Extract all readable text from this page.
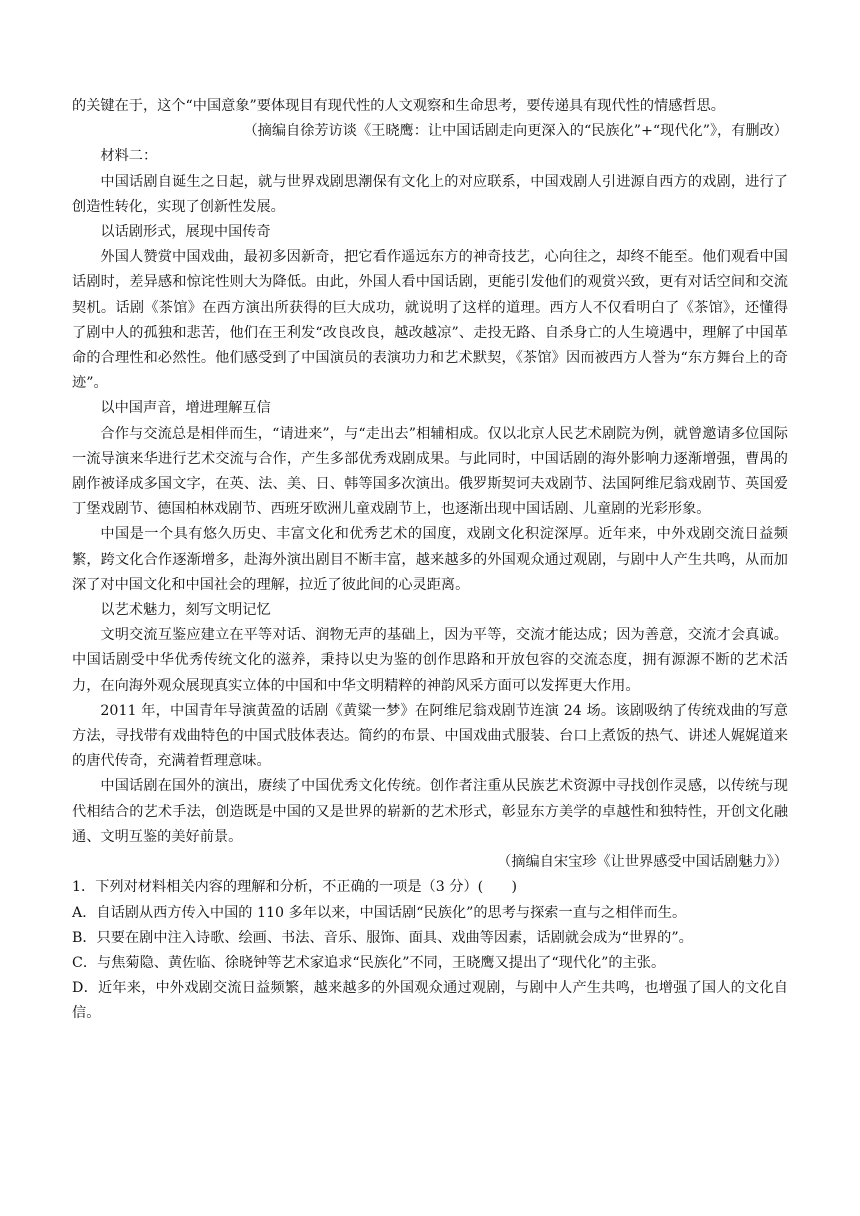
的关键在于，这个“中国意象”要体现目有现代性的人文观察和生命思考，要传递具有现代性的情感哲思。

（摘编自徐芳访谈《王晓鹰：让中国话剧走向更深入的“民族化”+“现代化”》，有删改）

材料二：

中国话剧自诞生之日起，就与世界戏剧思潮保有文化上的对应联系，中国戏剧人引进源自西方的戏剧，进行了创造性转化，实现了创新性发展。

以话剧形式，展现中国传奇

外国人赞赏中国戏曲，最初多因新奇，把它看作遥远东方的神奇技艺，心向往之，却终不能至。他们观看中国话剧时，差异感和惊诧性则大为降低。由此，外国人看中国话剧，更能引发他们的观赏兴致，更有对话空间和交流契机。话剧《茶馆》在西方演出所获得的巨大成功，就说明了这样的道理。西方人不仅看明白了《茶馆》，还懂得了剧中人的孤独和悲苦，他们在王利发“改良改良，越改越凉”、走投无路、自杀身亡的人生境遇中，理解了中国革命的合理性和必然性。他们感受到了中国演员的表演功力和艺术默契，《茶馆》因而被西方人誉为“东方舞台上的奇迹”。

以中国声音，增进理解互信

合作与交流总是相伴而生，“请进来”，与“走出去”相辅相成。仅以北京人民艺术剧院为例，就曾邀请多位国际一流导演来华进行艺术交流与合作，产生多部优秀戏剧成果。与此同时，中国话剧的海外影响力逐渐增强，曹禺的剧作被译成多国文字，在英、法、美、日、韩等国多次演出。俄罗斯契诃夫戏剧节、法国阿维尼翁戏剧节、英国爱丁堡戏剧节、德国柏林戏剧节、西班牙欧洲儿童戏剧节上，也逐渐出现中国话剧、儿童剧的光彩形象。

中国是一个具有悠久历史、丰富文化和优秀艺术的国度，戏剧文化积淀深厚。近年来，中外戏剧交流日益频繁，跨文化合作逐渐增多，赴海外演出剧目不断丰富，越来越多的外国观众通过观剧，与剧中人产生共鸣，从而加深了对中国文化和中国社会的理解，拉近了彼此间的心灵距离。

以艺术魅力，刻写文明记忆

文明交流互鉴应建立在平等对话、润物无声的基础上，因为平等，交流才能达成；因为善意，交流才会真诚。中国话剧受中华优秀传统文化的滋养，秉持以史为鉴的创作思路和开放包容的交流态度，拥有源源不断的艺术活力，在向海外观众展现真实立体的中国和中华文明精粹的神韵风采方面可以发挥更大作用。

2011 年，中国青年导演黄盈的话剧《黄粱一梦》在阿维尼翁戏剧节连演 24 场。该剧吸纳了传统戏曲的写意方法，寻找带有戏曲特色的中国式肢体表达。简约的布景、中国戏曲式服装、台口上煮饭的热气、讲述人娓娓道来的唐代传奇，充满着哲理意味。

中国话剧在国外的演出，赓续了中国优秀文化传统。创作者注重从民族艺术资源中寻找创作灵感，以传统与现代相结合的艺术手法，创造既是中国的又是世界的崭新的艺术形式，彰显东方美学的卓越性和独特性，开创文化融通、文明互鉴的美好前景。

（摘编自宋宝珍《让世界感受中国话剧魅力》）

1．下列对材料相关内容的理解和分析，不正确的一项是（3 分）(　　)

A．自话剧从西方传入中国的 110 多年以来，中国话剧“民族化”的思考与探索一直与之相伴而生。

B．只要在剧中注入诗歌、绘画、书法、音乐、服饰、面具、戏曲等因素，话剧就会成为“世界的”。

C．与焦菊隐、黄佐临、徐晓钟等艺术家追求“民族化”不同，王晓鹰又提出了“现代化”的主张。

D．近年来，中外戏剧交流日益频繁，越来越多的外国观众通过观剧，与剧中人产生共鸣，也增强了国人的文化自信。
